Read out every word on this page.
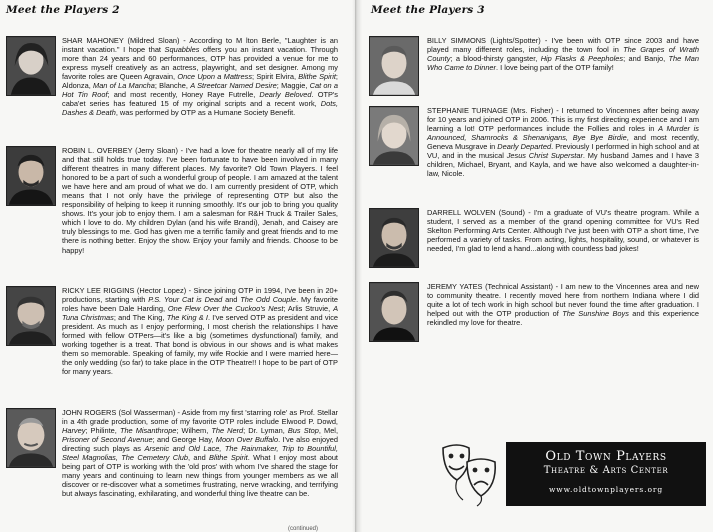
Meet the Players 2
SHAR MAHONEY (Mildred Sloan) - According to M lton Berle, "Laughter is an instant vacation." I hope that Squabbles offers you an instant vacation. Through more than 24 years and 60 performances, OTP has provided a venue for me to express myself creatively as an actress, playwright, and set designer. Among my favorite roles are Queen Agravain, Once Upon a Mattress; Spirit Elvira, Blithe Spirit; Aldonza, Man of La Mancha; Blanche, A Streetcar Named Desire; Maggie, Cat on a Hot Tin Roof; and most recently, Honey Raye Futrelle, Dearly Beloved. OTP's caba'et series has featured 15 of my original scripts and a recent work, Dots, Dashes & Death, was performed by OTP as a Humane Society Benefit.
ROBIN L. OVERBEY (Jerry Sloan) - I've had a love for theatre nearly all of my life and that still holds true today. I've been fortunate to have been involved in many different theatres in many different places. My favorite? Old Town Players. I feel honored to be a part of such a wonderful group of people. I am amazed at the talent we have here and am proud of what we do. I am currently president of OTP, which means that I not only have the privilege of representing OTP but also the responsibility of helping to keep it running smoothly. It's our job to bring you quality shows. It's your job to enjoy them. I am a salesman for R&H Truck & Trailer Sales, which I love to do. My children Dylan (and his wife Brandi), Jenah, and Caisey are truly blessings to me. God has given me a terrific family and great friends and to me there is nothing better. Enjoy the show. Enjoy your family and friends. Choose to be happy!
RICKY LEE RIGGINS (Hector Lopez) - Since joining OTP in 1994, I've been in 20+ productions, starting with P.S. Your Cat is Dead and The Odd Couple. My favorite roles have been Dale Harding, One Flew Over the Cuckoo's Nest; Arlis Struvie, A Tuna Christmas; and The King, The King & I. I've served OTP as president and vice president. As much as I enjoy performing, I most cherish the relationships I have formed with fellow OTPers—it's like a big (sometimes dysfunctional) family, and working together is a treat. That bond is obvious in our shows and is what makes them so memorable. Speaking of family, my wife Rockie and I were married here—the only wedding (so far) to take place in the OTP Theatre!! I hope to be part of OTP for many years.
JOHN ROGERS (Sol Wasserman) - Aside from my first 'starring role' as Prof. Stellar in a 4th grade production, some of my favorite OTP roles include Elwood P. Dowd, Harvey; Philinte, The Misanthrope; Wilhem, The Nerd; Dr. Lyman, Bus Stop, Mel, Prisoner of Second Avenue; and George Hay, Moon Over Buffalo. I've also enjoyed directing such plays as Arsenic and Old Lace, The Rainmaker, Trip to Bountiful, Steel Magnolias, The Cemetery Club, and Blithe Spirit. What I enjoy most about being part of OTP is working with the 'old pros' with whom I've shared the stage for many years and continuing to learn new things from younger members as we all discover or re-discover what a sometimes frustrating, nerve wracking, and terrifying but always fascinating, exhilarating, and wonderful thing live theatre can be.
(continued)
Meet the Players 3
BILLY SIMMONS (Lights/Spotter) - I've been with OTP since 2003 and have played many different roles, including the town fool in The Grapes of Wrath County; a blood-thirsty gangster, Hip Flasks & Peepholes; and Banjo, The Man Who Came to Dinner. I love being part of the OTP family!
STEPHANIE TURNAGE (Mrs. Fisher) - I returned to Vincennes after being away for 10 years and joined OTP in 2006. This is my first directing experience and I am learning a lot! OTP performances include the Follies and roles in A Murder is Announced, Shamrocks & Shenanigans, Bye Bye Birdie, and most recently, Geneva Musgrave in Dearly Departed. Previously I performed in high school and at VU, and in the musical Jesus Christ Superstar. My husband James and I have 3 children, Michael, Bryant, and Kayla, and we have also welcomed a daughter-in-law, Nicole.
DARRELL WOLVEN (Sound) - I'm a graduate of VU's theatre program. While a student, I served as a member of the grand opening committee for VU's Red Skelton Performing Arts Center. Although I've just been with OTP a short time, I've performed a variety of tasks. From acting, lights, hospitality, sound, or whatever is needed, I'm glad to lend a hand...along with countless bad jokes!
JEREMY YATES (Technical Assistant) - I am new to the Vincennes area and new to community theatre. I recently moved here from northern Indiana where I did quite a lot of tech work in high school but never found the time after graduation. I helped out with the OTP production of The Sunshine Boys and this experience rekindled my love for theatre.
Old Town Players
Theatre & Arts Center
www.oldtownplayers.org
